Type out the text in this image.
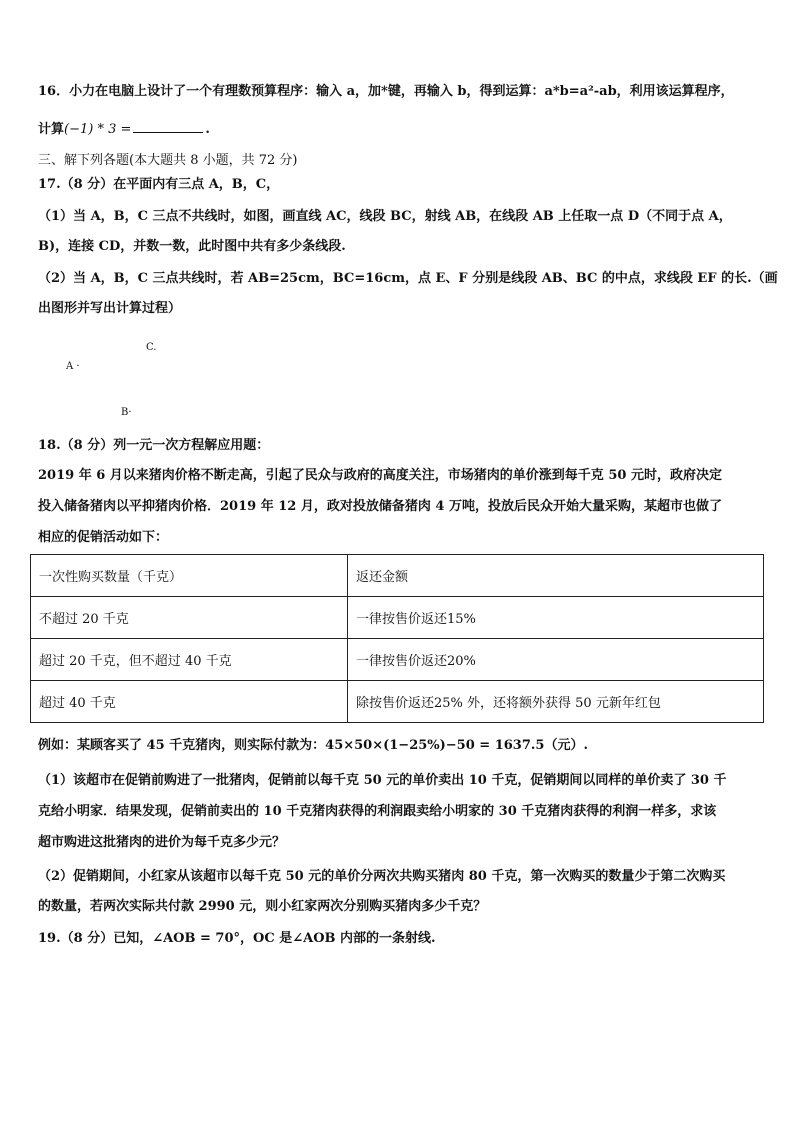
16．小力在电脑上设计了一个有理数预算程序：输入 a，加*键，再输入 b，得到运算：a*b=a²-ab，利用该运算程序，
计算(−1) * 3 =	.
三、解下列各题(本大题共 8 小题，共 72 分)
17.（8 分）在平面内有三点 A，B，C，
（1）当 A，B，C 三点不共线时，如图，画直线 AC，线段 BC，射线 AB，在线段 AB 上任取一点 D（不同于点 A，
B)，连接 CD，并数一数，此时图中共有多少条线段.
（2）当 A，B，C 三点共线时，若 AB=25cm，BC=16cm，点 E、F 分别是线段 AB、BC 的中点，求线段 EF 的长.（画
出图形并写出计算过程）
C.
A ·
B·
18.（8 分）列一元一次方程解应用题：
2019 年 6 月以来猪肉价格不断走高，引起了民众与政府的高度关注，市场猪肉的单价涨到每千克 50 元时，政府决定
投入储备猪肉以平抑猪肉价格．2019 年 12 月，政对投放储备猪肉 4 万吨，投放后民众开始大量采购，某超市也做了
相应的促销活动如下：
一次性购买数量（千克）	返还金额
不超过 20 千克	一律按售价返还15%
超过 20 千克，但不超过 40 千克	一律按售价返还20%
超过 40 千克	除按售价返还25% 外，还将额外获得 50 元新年红包
例如：某顾客买了 45 千克猪肉，则实际付款为：45×50×(1−25%)−50 = 1637.5（元）.
（1）该超市在促销前购进了一批猪肉，促销前以每千克 50 元的单价卖出 10 千克，促销期间以同样的单价卖了 30 千
克给小明家．结果发现，促销前卖出的 10 千克猪肉获得的利润跟卖给小明家的 30 千克猪肉获得的利润一样多，求该
超市购进这批猪肉的进价为每千克多少元？
（2）促销期间，小红家从该超市以每千克 50 元的单价分两次共购买猪肉 80 千克，第一次购买的数量少于第二次购买
的数量，若两次实际共付款 2990 元，则小红家两次分别购买猪肉多少千克？
19.（8 分）已知，∠AOB = 70°，OC 是∠AOB 内部的一条射线.
